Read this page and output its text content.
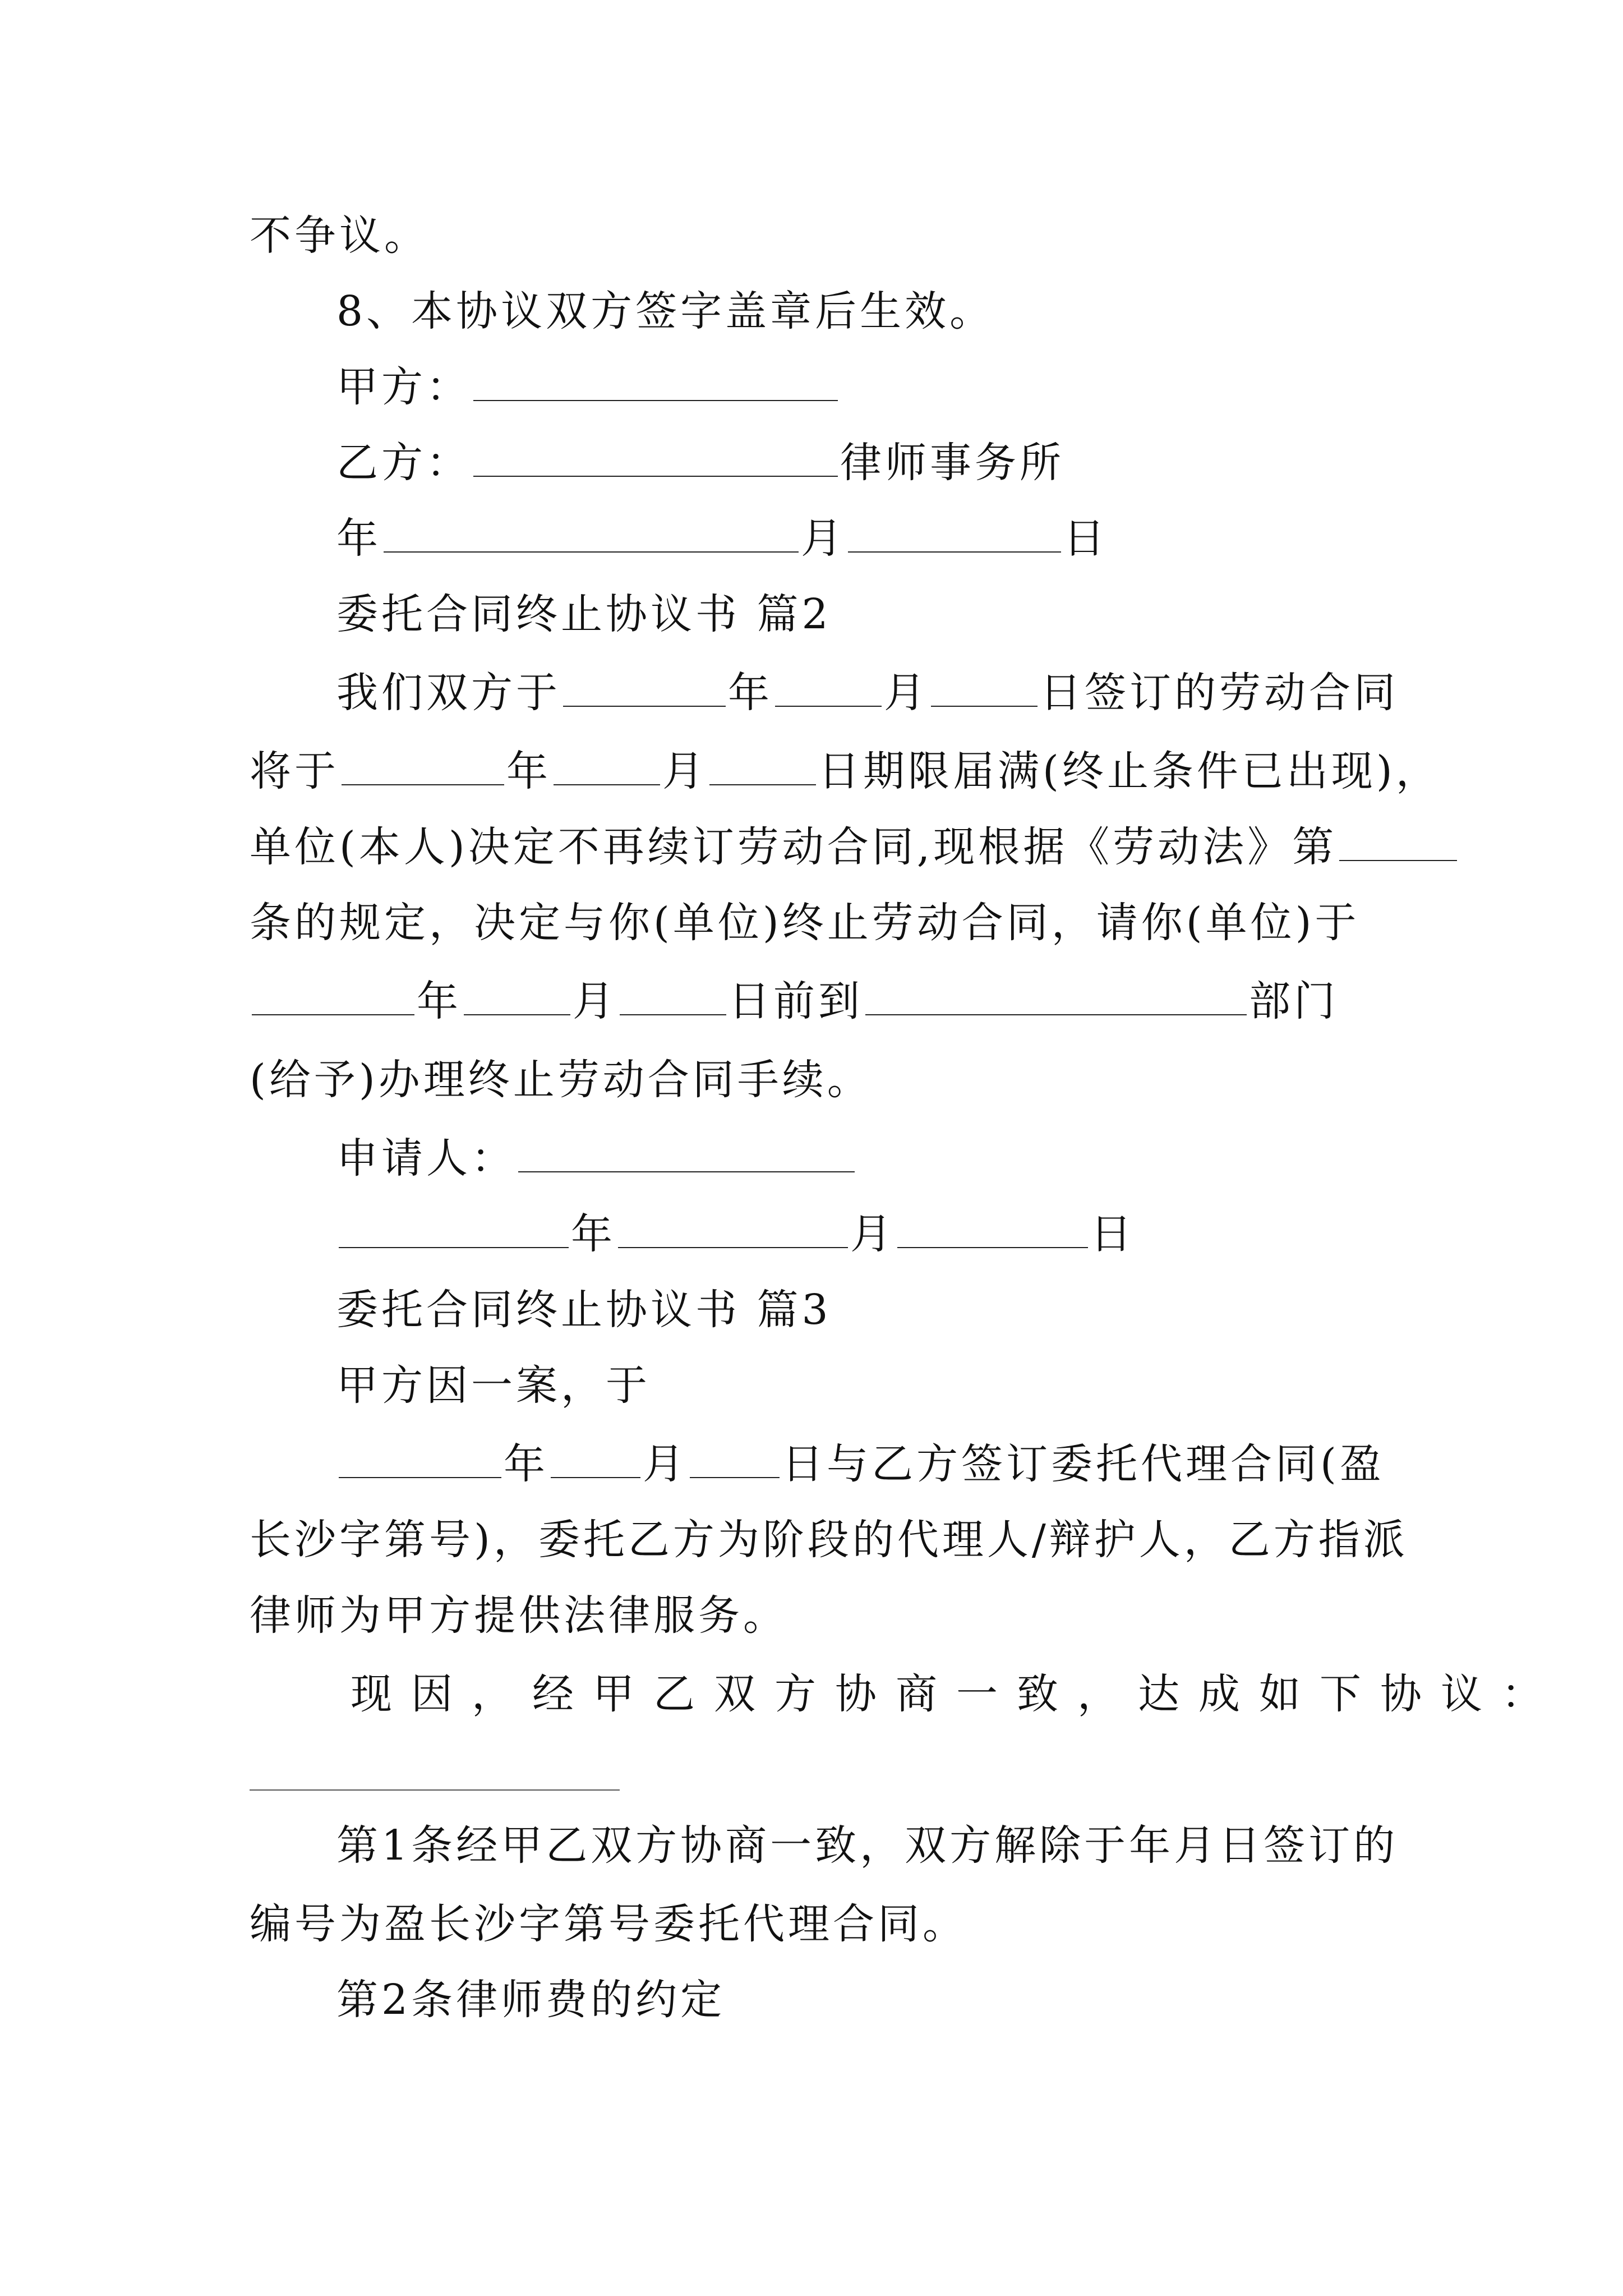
不争议。
8、本协议双方签字盖章后生效。
甲方：
乙方：	律师事务所
年	月	日
委托合同终止协议书 篇2
我们双方于	年	月	日签订的劳动合同
将于	年	月	日期限届满(终止条件已出现)，
单位(本人)决定不再续订劳动合同,现根据《劳动法》第
条的规定，决定与你(单位)终止劳动合同，请你(单位)于
年	月	日前到	部门
(给予)办理终止劳动合同手续。
申请人：
年	月	日
委托合同终止协议书 篇3
甲方因一案，于
年 月 日与乙方签订委托代理合同(盈
长沙字第号)，委托乙方为阶段的代理人/辩护人，乙方指派
律师为甲方提供法律服务。
现因，经甲乙双方协商一致，达成如下协议：
第1条经甲乙双方协商一致，双方解除于年月日签订的
编号为盈长沙字第号委托代理合同。
第2条律师费的约定
